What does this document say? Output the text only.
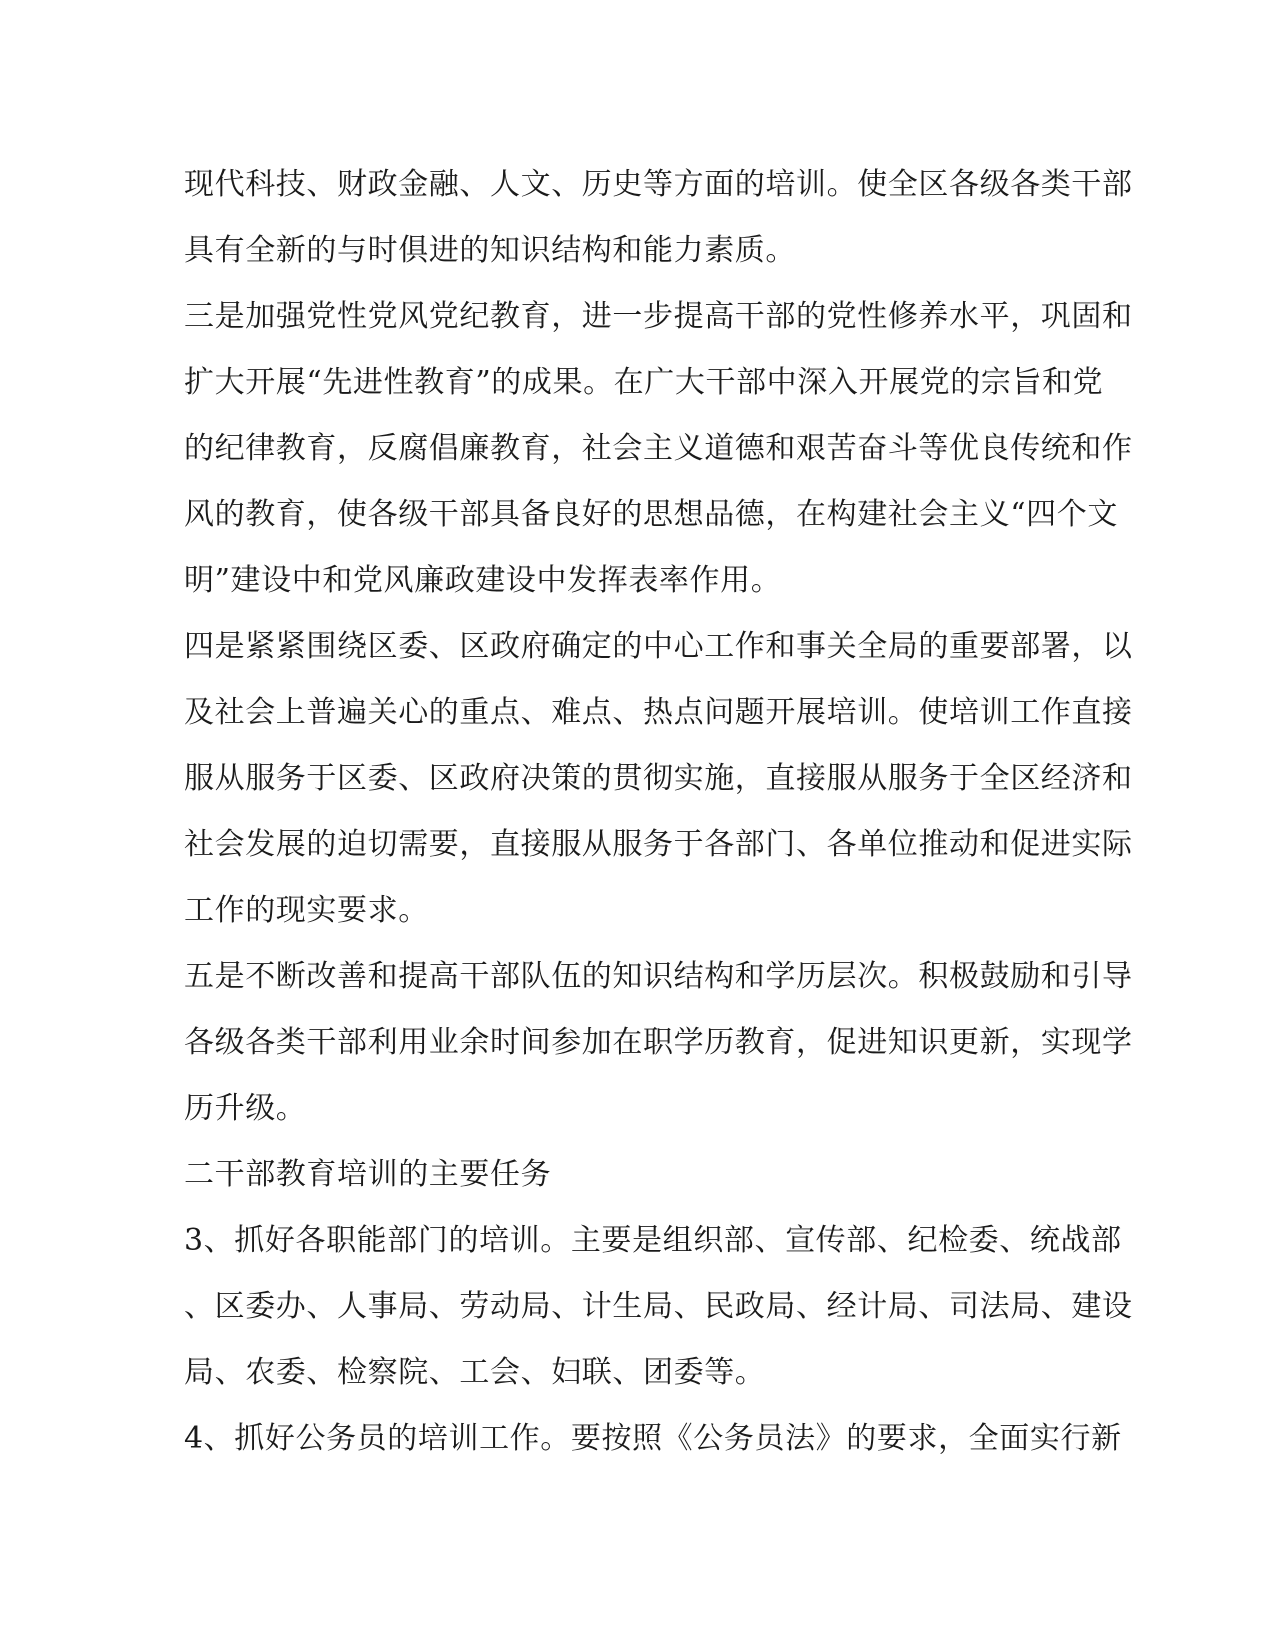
现代科技、财政金融、人文、历史等方面的培训。使全区各级各类干部
具有全新的与时俱进的知识结构和能力素质。
三是加强党性党风党纪教育，进一步提高干部的党性修养水平，巩固和
扩大开展“先进性教育”的成果。在广大干部中深入开展党的宗旨和党
的纪律教育，反腐倡廉教育，社会主义道德和艰苦奋斗等优良传统和作
风的教育，使各级干部具备良好的思想品德，在构建社会主义“四个文
明”建设中和党风廉政建设中发挥表率作用。
四是紧紧围绕区委、区政府确定的中心工作和事关全局的重要部署，以
及社会上普遍关心的重点、难点、热点问题开展培训。使培训工作直接
服从服务于区委、区政府决策的贯彻实施，直接服从服务于全区经济和
社会发展的迫切需要，直接服从服务于各部门、各单位推动和促进实际
工作的现实要求。
五是不断改善和提高干部队伍的知识结构和学历层次。积极鼓励和引导
各级各类干部利用业余时间参加在职学历教育，促进知识更新，实现学
历升级。
二干部教育培训的主要任务
3、抓好各职能部门的培训。主要是组织部、宣传部、纪检委、统战部
、区委办、人事局、劳动局、计生局、民政局、经计局、司法局、建设
局、农委、检察院、工会、妇联、团委等。
4、抓好公务员的培训工作。要按照《公务员法》的要求，全面实行新
